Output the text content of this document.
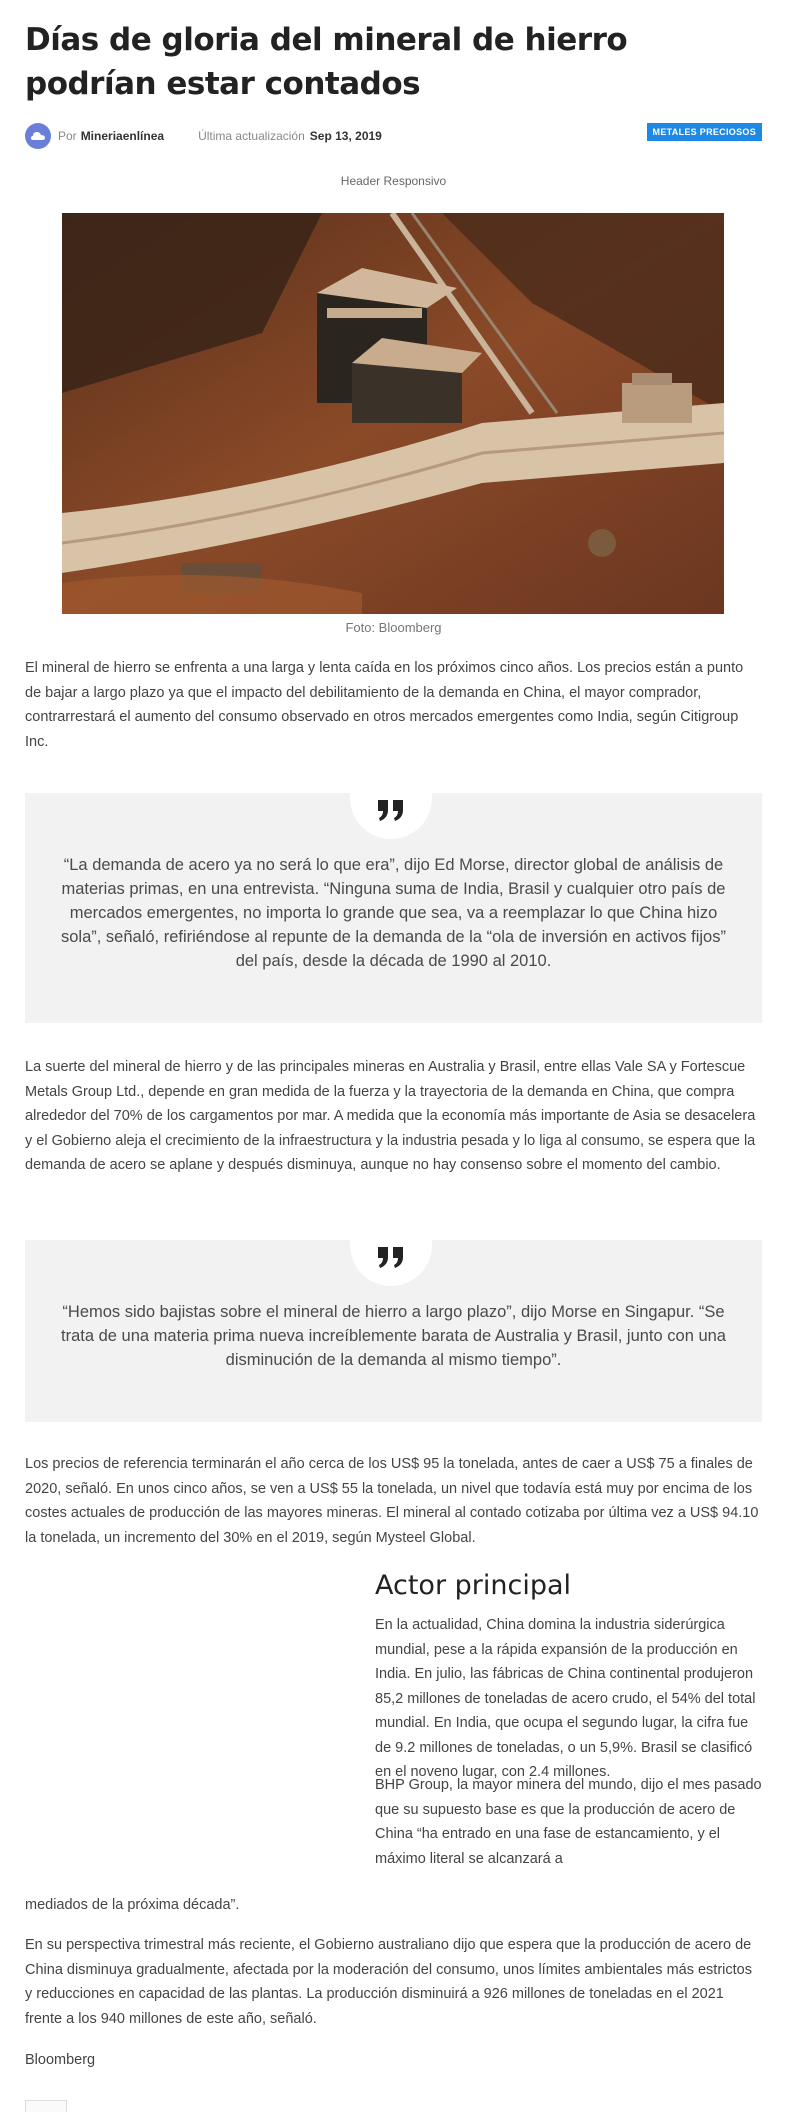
Días de gloria del mineral de hierro podrían estar contados
Por Mineriaenlínea	Última actualización Sep 13, 2019	METALES PRECIOSOS
Header Responsivo
Foto: Bloomberg

El mineral de hierro se enfrenta a una larga y lenta caída en los próximos cinco años. Los precios están a punto de bajar a largo plazo ya que el impacto del debilitamiento de la demanda en China, el mayor comprador, contrarrestará el aumento del consumo observado en otros mercados emergentes como India, según Citigroup Inc.

“La demanda de acero ya no será lo que era”, dijo Ed Morse, director global de análisis de materias primas, en una entrevista. “Ninguna suma de India, Brasil y cualquier otro país de mercados emergentes, no importa lo grande que sea, va a reemplazar lo que China hizo sola”, señaló, refiriéndose al repunte de la demanda de la “ola de inversión en activos fijos” del país, desde la década de 1990 al 2010.

La suerte del mineral de hierro y de las principales mineras en Australia y Brasil, entre ellas Vale SA y Fortescue Metals Group Ltd., depende en gran medida de la fuerza y la trayectoria de la demanda en China, que compra alrededor del 70% de los cargamentos por mar. A medida que la economía más importante de Asia se desacelera y el Gobierno aleja el crecimiento de la infraestructura y la industria pesada y lo liga al consumo, se espera que la demanda de acero se aplane y después disminuya, aunque no hay consenso sobre el momento del cambio.

“Hemos sido bajistas sobre el mineral de hierro a largo plazo”, dijo Morse en Singapur. “Se trata de una materia prima nueva increíblemente barata de Australia y Brasil, junto con una disminución de la demanda al mismo tiempo”.

Los precios de referencia terminarán el año cerca de los US$ 95 la tonelada, antes de caer a US$ 75 a finales de 2020, señaló. En unos cinco años, se ven a US$ 55 la tonelada, un nivel que todavía está muy por encima de los costes actuales de producción de las mayores mineras. El mineral al contado cotizaba por última vez a US$ 94.10 la tonelada, un incremento del 30% en el 2019, según Mysteel Global.

Actor principal

En la actualidad, China domina la industria siderúrgica mundial, pese a la rápida expansión de la producción en India. En julio, las fábricas de China continental produjeron 85,2 millones de toneladas de acero crudo, el 54% del total mundial. En India, que ocupa el segundo lugar, la cifra fue de 9.2 millones de toneladas, o un 5,9%. Brasil se clasificó en el noveno lugar, con 2.4 millones.

BHP Group, la mayor minera del mundo, dijo el mes pasado que su supuesto base es que la producción de acero de China “ha entrado en una fase de estancamiento, y el máximo literal se alcanzará a

mediados de la próxima década”.

En su perspectiva trimestral más reciente, el Gobierno australiano dijo que espera que la producción de acero de China disminuya gradualmente, afectada por la moderación del consumo, unos límites ambientales más estrictos y reducciones en capacidad de las plantas. La producción disminuirá a 926 millones de toneladas en el 2021 frente a los 940 millones de este año, señaló.

Bloomberg
